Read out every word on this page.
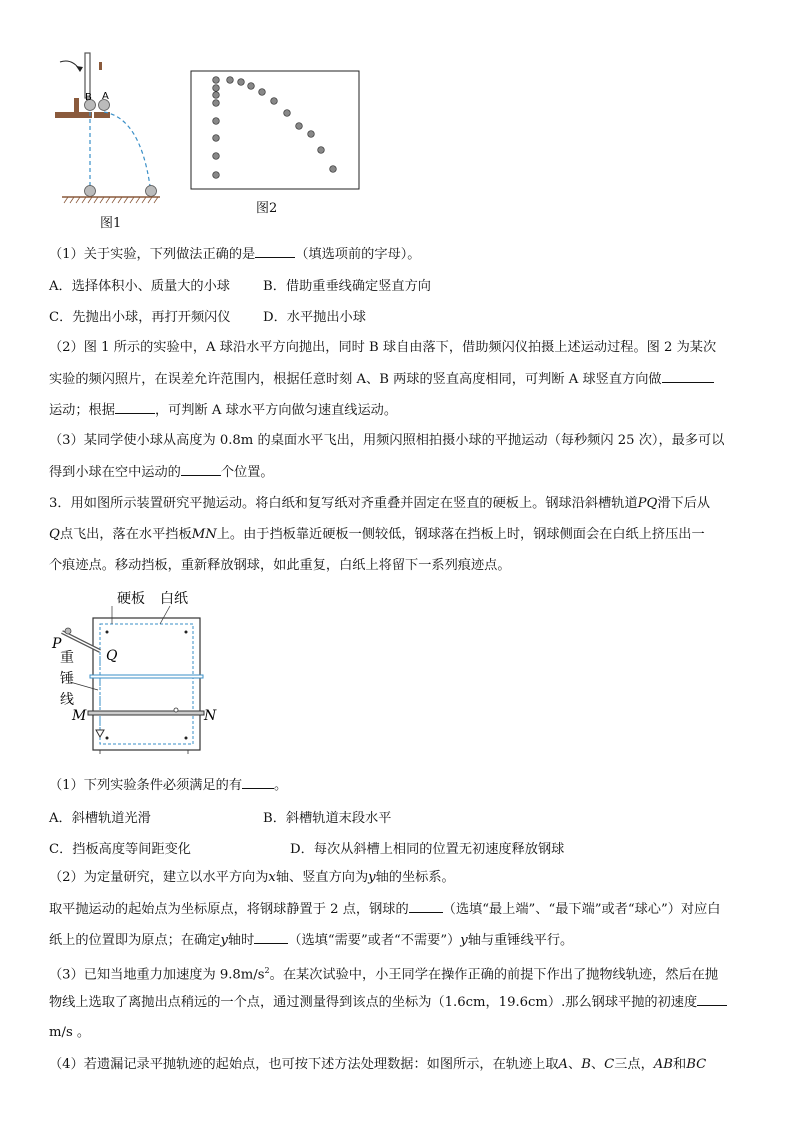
B A
图1
图2
（1）关于实验，下列做法正确的是	（填选项前的字母）。
A．选择体积小、质量大的小球	B．借助重垂线确定竖直方向
C．先抛出小球，再打开频闪仪 D．水平抛出小球
（2）图 1 所示的实验中，A 球沿水平方向抛出，同时 B 球自由落下，借助频闪仪拍摄上述运动过程。图 2 为某次
实验的频闪照片，在误差允许范围内，根据任意时刻 A、B 两球的竖直高度相同，可判断 A 球竖直方向做
运动；根据	，可判断 A 球水平方向做匀速直线运动。
（3）某同学使小球从高度为 0.8m 的桌面水平飞出，用频闪照相拍摄小球的平抛运动（每秒频闪 25 次），最多可以
得到小球在空中运动的	个位置。
3．用如图所示装置研究平抛运动。将白纸和复写纸对齐重叠并固定在竖直的硬板上。钢球沿斜槽轨道PQ滑下后从
Q点飞出，落在水平挡板MN上。由于挡板靠近硬板一侧较低，钢球落在挡板上时，钢球侧面会在白纸上挤压出一
个痕迹点。移动挡板，重新释放钢球，如此重复，白纸上将留下一系列痕迹点。
硬板 白纸
P
Q
重
锤
线
M	N
（1）下列实验条件必须满足的有 。
A．斜槽轨道光滑	B．斜槽轨道末段水平
C．挡板高度等间距变化	D．每次从斜槽上相同的位置无初速度释放钢球
（2）为定量研究，建立以水平方向为x轴、竖直方向为y轴的坐标系。
取平抛运动的起始点为坐标原点，将钢球静置于 2 点，钢球的	（选填“最上端”、“最下端”或者“球心”）对应白
纸上的位置即为原点；在确定y轴时	（选填“需要”或者“不需要”）y轴与重锤线平行。
（3）已知当地重力加速度为 $9.8m/s^2$。在某次试验中，小王同学在操作正确的前提下作出了抛物线轨迹，然后在抛
物线上选取了离抛出点稍远的一个点，通过测量得到该点的坐标为（1.6cm，19.6cm）.那么钢球平抛的初速度
m/s 。
（4）若遗漏记录平抛轨迹的起始点，也可按下述方法处理数据：如图所示，在轨迹上取A、B、C三点，AB和BC
